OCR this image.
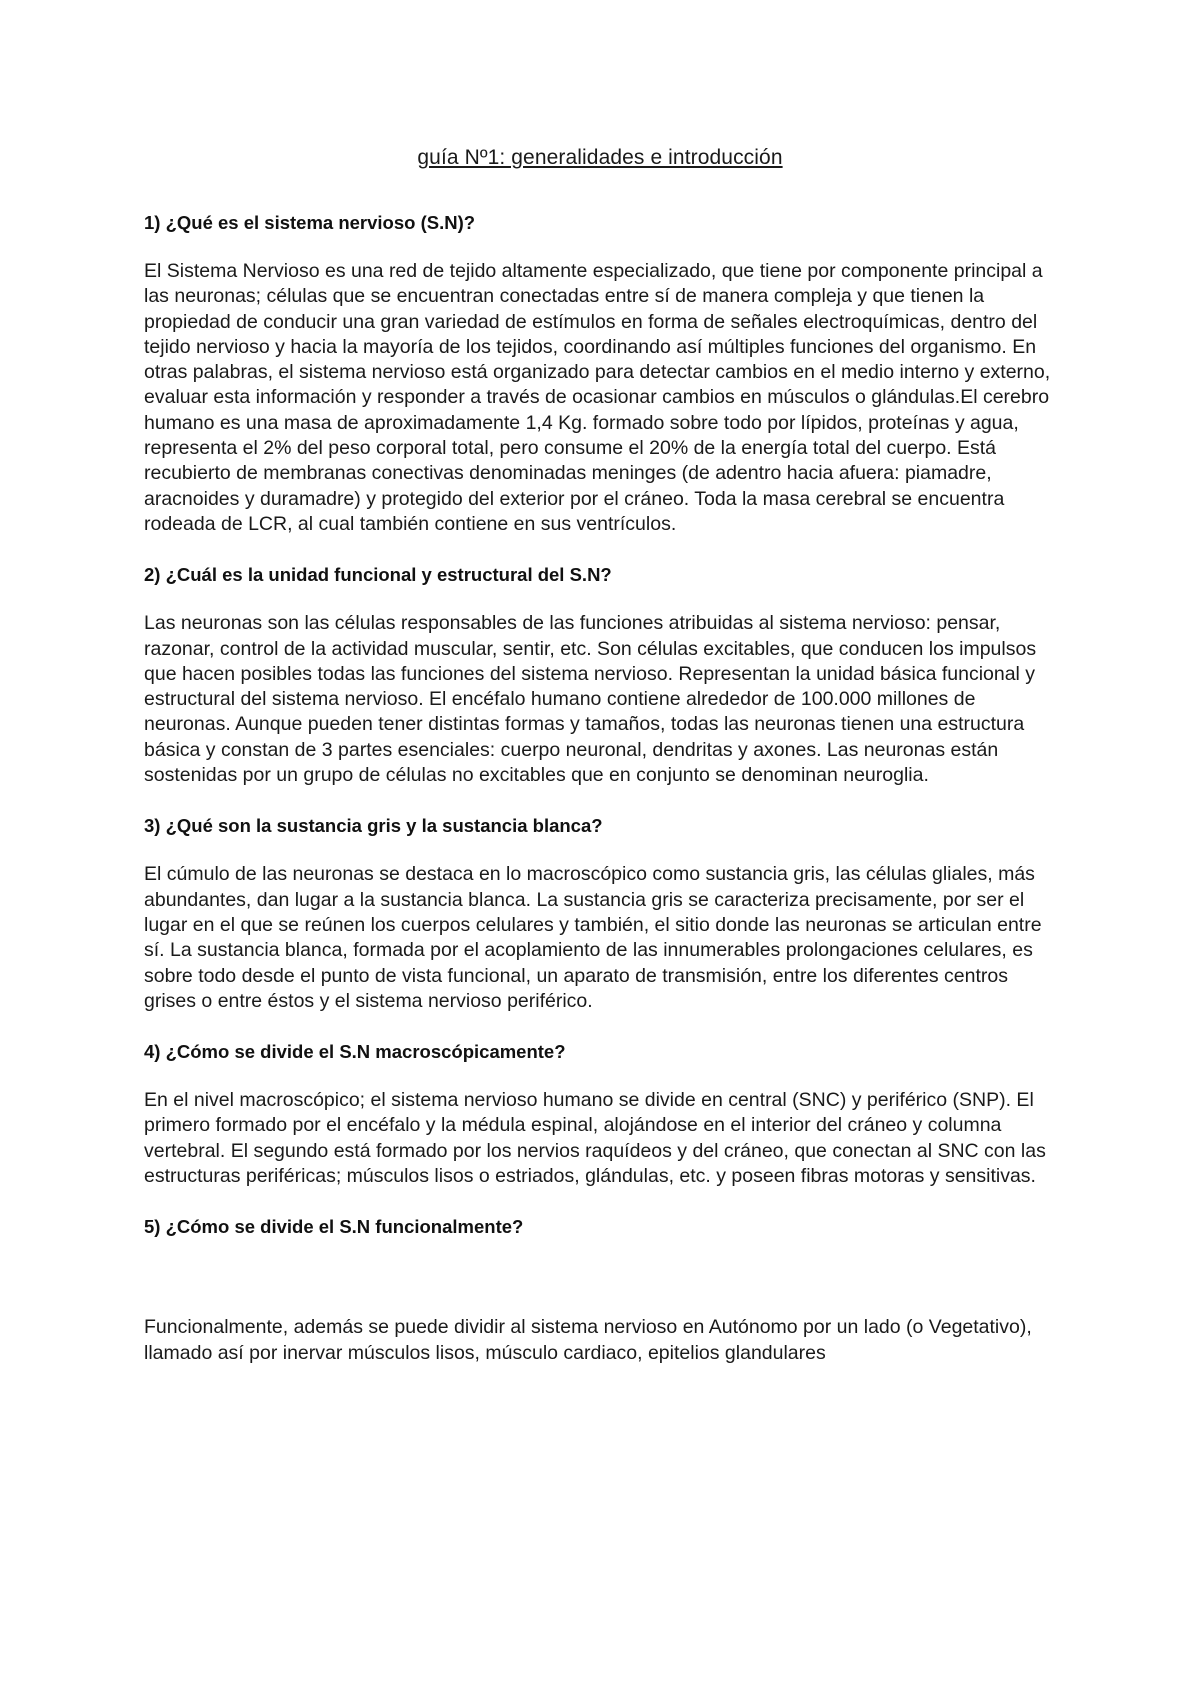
guía Nº1: generalidades e introducción

1) ¿Qué es el sistema nervioso (S.N)?

El Sistema Nervioso es una red de tejido altamente especializado, que tiene por componente principal a las neuronas; células que se encuentran conectadas entre sí de manera compleja y que tienen la propiedad de conducir una gran variedad de estímulos en forma de señales electroquímicas, dentro del tejido nervioso y hacia la mayoría de los tejidos, coordinando así múltiples funciones del organismo. En otras palabras, el sistema nervioso está organizado para detectar cambios en el medio interno y externo, evaluar esta información y responder a través de ocasionar cambios en músculos o glándulas.El cerebro humano es una masa de aproximadamente 1,4 Kg. formado sobre todo por lípidos, proteínas y agua, representa el 2% del peso corporal total, pero consume el 20% de la energía total del cuerpo. Está recubierto de membranas conectivas denominadas meninges (de adentro hacia afuera: piamadre, aracnoides y duramadre) y protegido del exterior por el cráneo. Toda la masa cerebral se encuentra rodeada de LCR, al cual también contiene en sus ventrículos.

2) ¿Cuál es la unidad funcional y estructural del S.N?

Las neuronas son las células responsables de las funciones atribuidas al sistema nervioso: pensar, razonar, control de la actividad muscular, sentir, etc. Son células excitables, que conducen los impulsos que hacen posibles todas las funciones del sistema nervioso. Representan la unidad básica funcional y estructural del sistema nervioso. El encéfalo humano contiene alrededor de 100.000 millones de neuronas. Aunque pueden tener distintas formas y tamaños, todas las neuronas tienen una estructura básica y constan de 3 partes esenciales: cuerpo neuronal, dendritas y axones. Las neuronas están sostenidas por un grupo de células no excitables que en conjunto se denominan neuroglia.

3) ¿Qué son la sustancia gris y la sustancia blanca?

El cúmulo de las neuronas se destaca en lo macroscópico como sustancia gris, las células gliales, más abundantes, dan lugar a la sustancia blanca. La sustancia gris se caracteriza precisamente, por ser el lugar en el que se reúnen los cuerpos celulares y también, el sitio donde las neuronas se articulan entre sí. La sustancia blanca, formada por el acoplamiento de las innumerables prolongaciones celulares, es sobre todo desde el punto de vista funcional, un aparato de transmisión, entre los diferentes centros grises o entre éstos y el sistema nervioso periférico.

4) ¿Cómo se divide el S.N macroscópicamente?

En el nivel macroscópico; el sistema nervioso humano se divide en central (SNC) y periférico (SNP). El primero formado por el encéfalo y la médula espinal, alojándose en el interior del cráneo y columna vertebral. El segundo está formado por los nervios raquídeos y del cráneo, que conectan al SNC con las estructuras periféricas; músculos lisos o estriados, glándulas, etc. y poseen fibras motoras y sensitivas.

5) ¿Cómo se divide el S.N funcionalmente?

Funcionalmente, además se puede dividir al sistema nervioso en Autónomo por un lado (o Vegetativo), llamado así por inervar músculos lisos, músculo cardiaco, epitelios glandulares
